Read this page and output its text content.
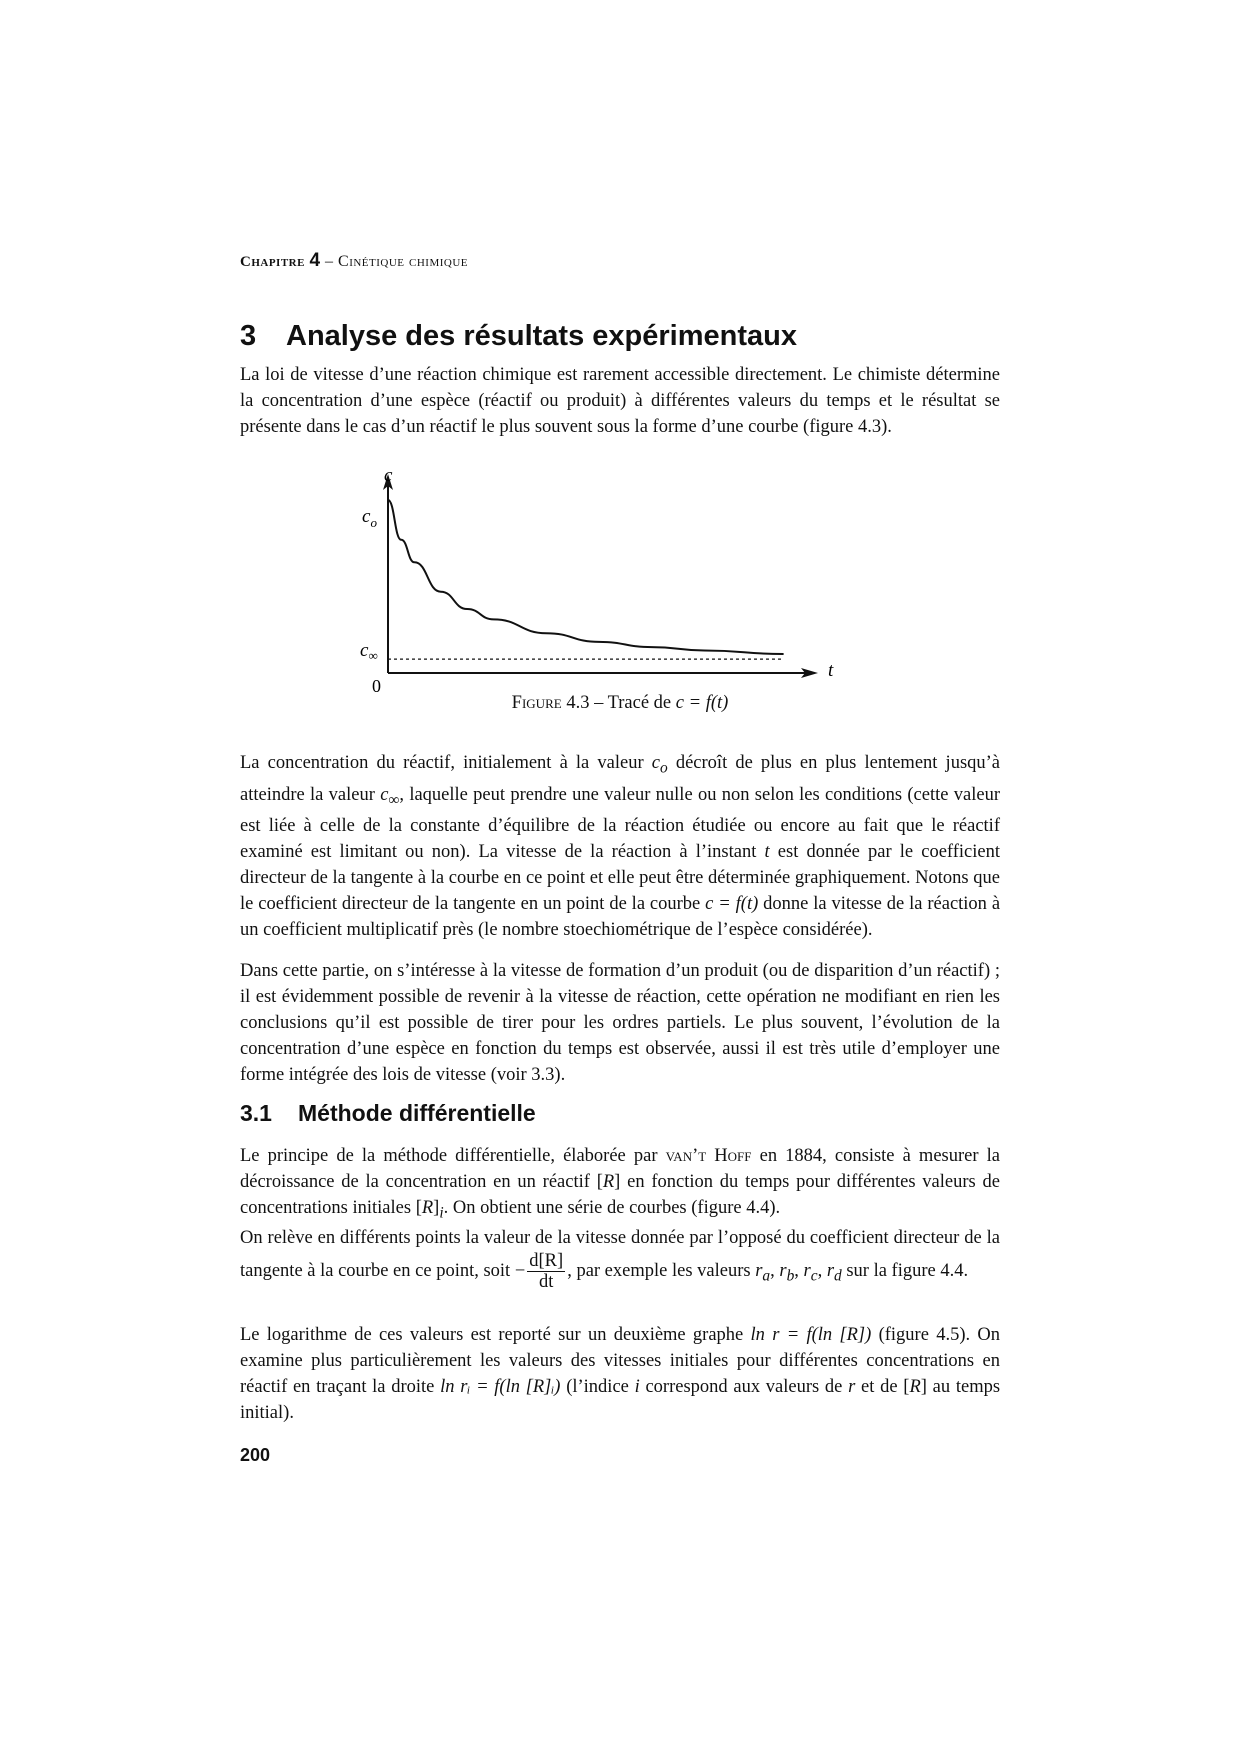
Chapitre 4 – Cinétique chimique
3 Analyse des résultats expérimentaux

La loi de vitesse d’une réaction chimique est rarement accessible directement. Le chimiste détermine la concentration d’une espèce (réactif ou produit) à différentes valeurs du temps et le résultat se présente dans le cas d’un réactif le plus souvent sous la forme d’une courbe (figure 4.3).

c
$c_o$
$c_\infty$
0
t
Figure 4.3 – Tracé de c = f(t)

La concentration du réactif, initialement à la valeur $c_o$ décroît de plus en plus lentement jusqu’à atteindre la valeur $c_\infty$, laquelle peut prendre une valeur nulle ou non selon les conditions (cette valeur est liée à celle de la constante d’équilibre de la réaction étudiée ou encore au fait que le réactif examiné est limitant ou non). La vitesse de la réaction à l’instant t est donnée par le coefficient directeur de la tangente à la courbe en ce point et elle peut être déterminée graphiquement. Notons que le coefficient directeur de la tangente en un point de la courbe c = f(t) donne la vitesse de la réaction à un coefficient multiplicatif près (le nombre stoechiométrique de l’espèce considérée).

Dans cette partie, on s’intéresse à la vitesse de formation d’un produit (ou de disparition d’un réactif) ; il est évidemment possible de revenir à la vitesse de réaction, cette opération ne modifiant en rien les conclusions qu’il est possible de tirer pour les ordres partiels. Le plus souvent, l’évolution de la concentration d’une espèce en fonction du temps est observée, aussi il est très utile d’employer une forme intégrée des lois de vitesse (voir 3.3).

3.1 Méthode différentielle

Le principe de la méthode différentielle, élaborée par van’t Hoff en 1884, consiste à mesurer la décroissance de la concentration en un réactif [R] en fonction du temps pour différentes valeurs de concentrations initiales $[R]_i$. On obtient une série de courbes (figure 4.4).

On relève en différents points la valeur de la vitesse donnée par l’opposé du coefficient directeur de la tangente à la courbe en ce point, soit − $\frac{d[R]}{dt}$ , par exemple les valeurs $r_a$, $r_b$, $r_c$, $r_d$ sur la figure 4.4.

Le logarithme de ces valeurs est reporté sur un deuxième graphe ln r = f(ln [R]) (figure 4.5). On examine plus particulièrement les valeurs des vitesses initiales pour différentes concentrations en réactif en traçant la droite ln rᵢ = f(ln [R]ᵢ) (l’indice i correspond aux valeurs de r et de [R] au temps initial).

200
